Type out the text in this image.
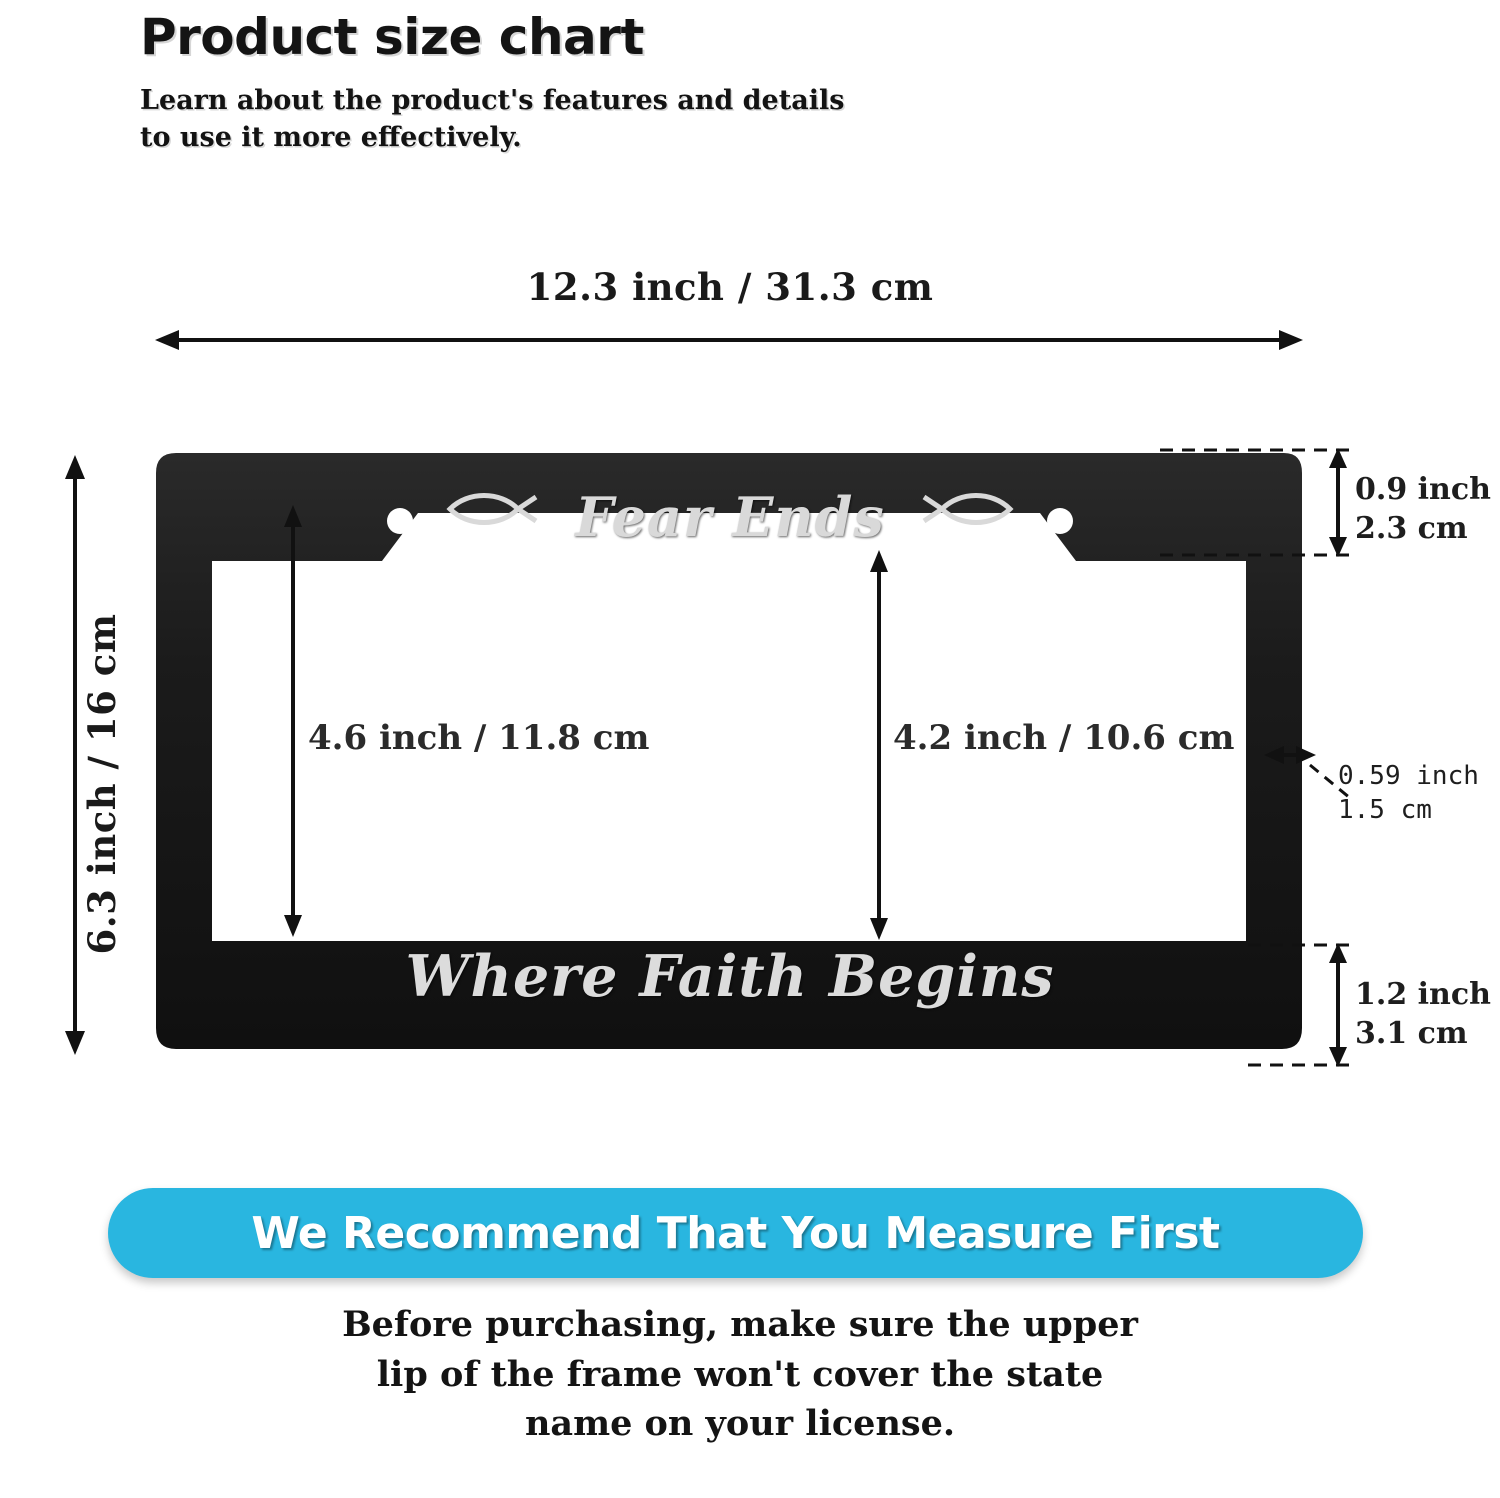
Product size chart
Learn about the product's features and details
to use it more effectively.
12.3 inch / 31.3 cm
6.3 inch / 16 cm
Fear Ends
Where Faith Begins
4.6 inch / 11.8 cm	4.2 inch / 10.6 cm
0.9 inch
2.3 cm
0.59 inch
1.5 cm
1.2 inch
3.1 cm
We Recommend That You Measure First
Before purchasing, make sure the upper
lip of the frame won't cover the state
name on your license.
